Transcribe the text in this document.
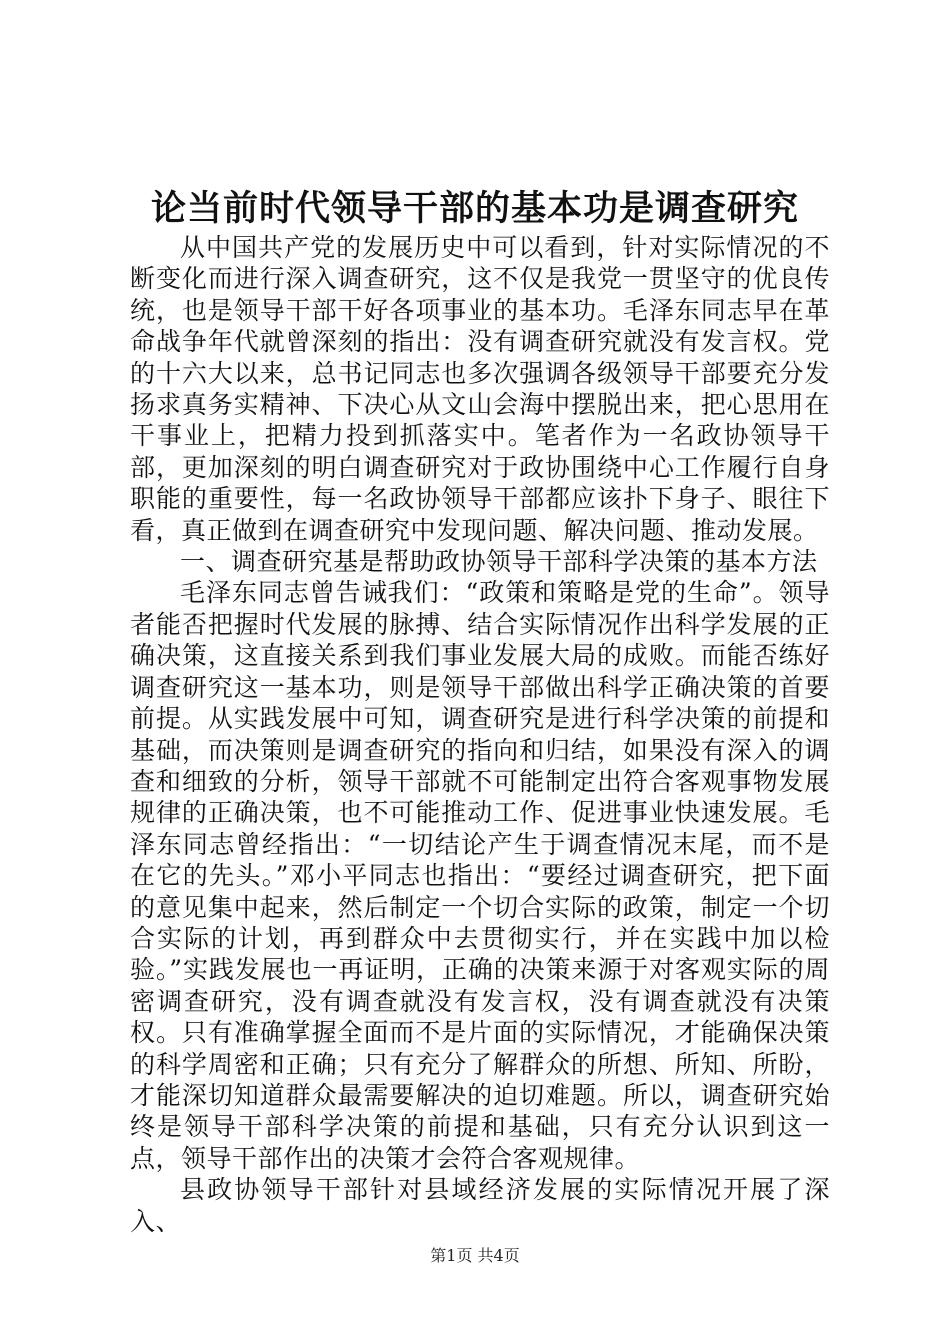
论当前时代领导干部的基本功是调查研究

从中国共产党的发展历史中可以看到，针对实际情况的不断变化而进行深入调查研究，这不仅是我党一贯坚守的优良传统，也是领导干部干好各项事业的基本功。毛泽东同志早在革命战争年代就曾深刻的指出：没有调查研究就没有发言权。党的十六大以来，总书记同志也多次强调各级领导干部要充分发扬求真务实精神、下决心从文山会海中摆脱出来，把心思用在干事业上，把精力投到抓落实中。笔者作为一名政协领导干部，更加深刻的明白调查研究对于政协围绕中心工作履行自身职能的重要性，每一名政协领导干部都应该扑下身子、眼往下看，真正做到在调查研究中发现问题、解决问题、推动发展。

一、调查研究基是帮助政协领导干部科学决策的基本方法

毛泽东同志曾告诫我们：“政策和策略是党的生命”。领导者能否把握时代发展的脉搏、结合实际情况作出科学发展的正确决策，这直接关系到我们事业发展大局的成败。而能否练好调查研究这一基本功，则是领导干部做出科学正确决策的首要前提。从实践发展中可知，调查研究是进行科学决策的前提和基础，而决策则是调查研究的指向和归结，如果没有深入的调查和细致的分析，领导干部就不可能制定出符合客观事物发展规律的正确决策，也不可能推动工作、促进事业快速发展。毛泽东同志曾经指出：“一切结论产生于调查情况末尾，而不是在它的先头。”邓小平同志也指出：“要经过调查研究，把下面的意见集中起来，然后制定一个切合实际的政策，制定一个切合实际的计划，再到群众中去贯彻实行，并在实践中加以检验。”实践发展也一再证明，正确的决策来源于对客观实际的周密调查研究，没有调查就没有发言权，没有调查就没有决策权。只有准确掌握全面而不是片面的实际情况，才能确保决策的科学周密和正确；只有充分了解群众的所想、所知、所盼，才能深切知道群众最需要解决的迫切难题。所以，调查研究始终是领导干部科学决策的前提和基础，只有充分认识到这一点，领导干部作出的决策才会符合客观规律。

县政协领导干部针对县域经济发展的实际情况开展了深入、

第1页 共4页
